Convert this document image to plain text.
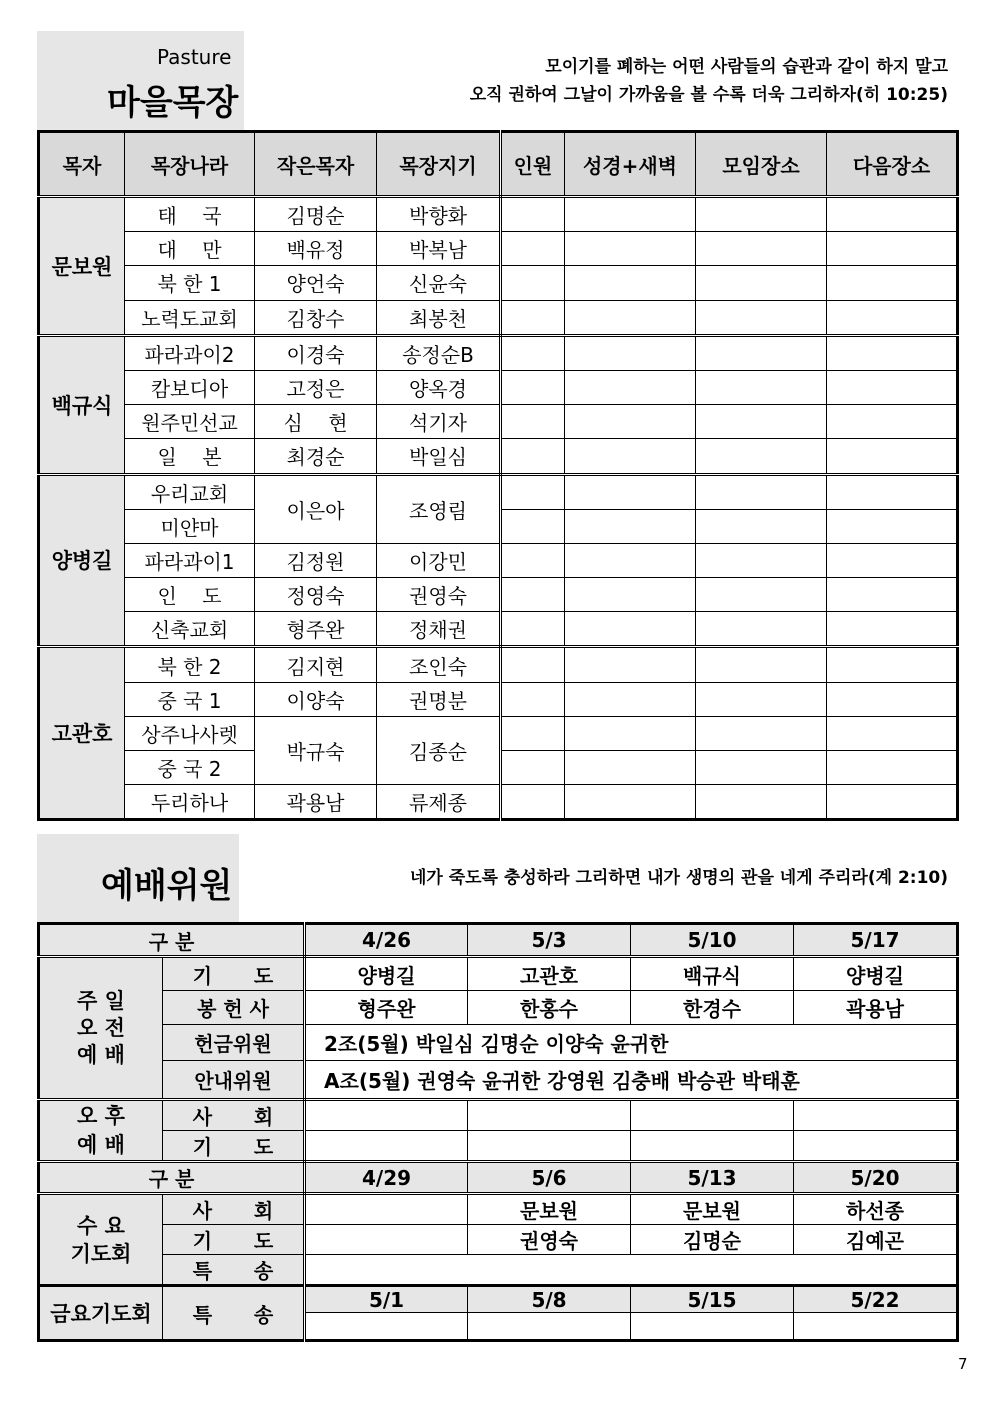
Pasture
마을목장
모이기를 폐하는 어떤 사람들의 습관과 같이 하지 말고
오직 권하여 그날이 가까움을 볼 수록 더욱 그리하자(히 10:25)
목자	목장나라	작은목자	목장지기	인원	성경+새벽	모임장소	다음장소
문보원	태    국	김명순	박향화				
	대    만	백유정	박복남				
	북 한 1	양언숙	신윤숙				
	노력도교회	김창수	최봉천				
백규식	파라과이2	이경숙	송정순B				
	캄보디아	고정은	양옥경				
	원주민선교	심    현	석기자				
	일    본	최경순	박일심				
양병길	우리교회	이은아	조영림				
	미얀마						
	파라과이1	김정원	이강민				
	인    도	정영숙	권영숙				
	신축교회	형주완	정채권				
고관호	북 한 2	김지현	조인숙				
	중 국 1	이양숙	권명분				
	상주나사렛	박규숙	김종순				
	중 국 2						
	두리하나	곽용남	류제종				
예배위원	네가 죽도록 충성하라 그리하면 내가 생명의 관을 네게 주리라(계 2:10)
구 분		4/26	5/3	5/10	5/17
주 일
오 전
예 배	기      도	양병길	고관호	백규식	양병길
	봉 헌 사	형주완	한홍수	한경수	곽용남
	헌금위원	2조(5월) 박일심 김명순 이양숙 윤귀한			
	안내위원	A조(5월) 권영숙 윤귀한 강영원 김충배 박승관 박태훈			
오 후
예 배	사      회				
	기      도				
구 분		4/29	5/6	5/13	5/20
수 요
기도회	사      회		문보원	문보원	하선종
	기      도		권영숙	김명순	김예곤
	특      송				
금요기도회	특      송	5/1	5/8	5/15	5/22

7
